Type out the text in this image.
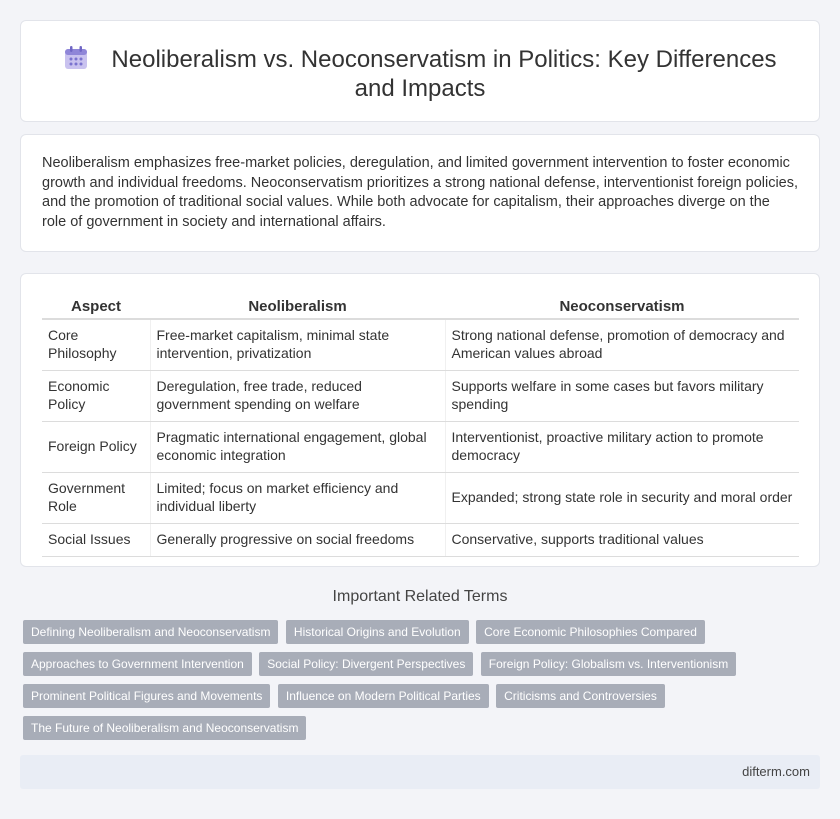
Neoliberalism vs. Neoconservatism in Politics: Key Differences and Impacts

Neoliberalism emphasizes free-market policies, deregulation, and limited government intervention to foster economic growth and individual freedoms. Neoconservatism prioritizes a strong national defense, interventionist foreign policies, and the promotion of traditional social values. While both advocate for capitalism, their approaches diverge on the role of government in society and international affairs.

Aspect	Neoliberalism	Neoconservatism
Core Philosophy	Free-market capitalism, minimal state intervention, privatization	Strong national defense, promotion of democracy and American values abroad
Economic Policy	Deregulation, free trade, reduced government spending on welfare	Supports welfare in some cases but favors military spending
Foreign Policy	Pragmatic international engagement, global economic integration	Interventionist, proactive military action to promote democracy
Government Role	Limited; focus on market efficiency and individual liberty	Expanded; strong state role in security and moral order
Social Issues	Generally progressive on social freedoms	Conservative, supports traditional values
Important Related Terms
Defining Neoliberalism and Neoconservatism Historical Origins and Evolution Core Economic Philosophies Compared Approaches to Government Intervention Social Policy: Divergent Perspectives Foreign Policy: Globalism vs. Interventionism Prominent Political Figures and Movements Influence on Modern Political Parties Criticisms and Controversies The Future of Neoliberalism and Neoconservatism
difterm.com
